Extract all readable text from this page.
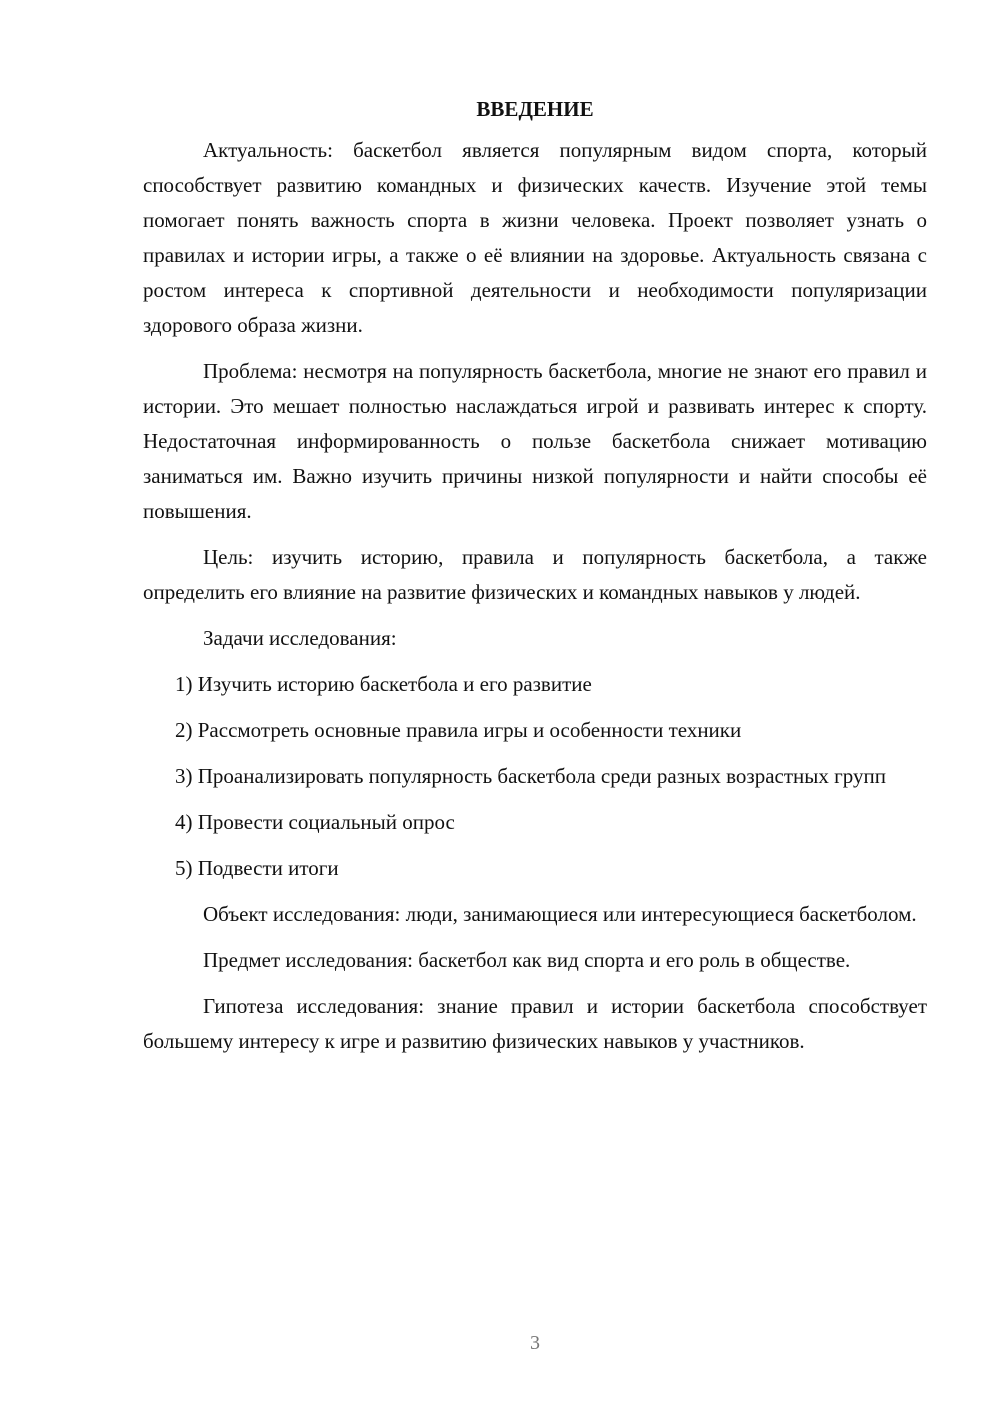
ВВЕДЕНИЕ

Актуальность: баскетбол является популярным видом спорта, который способствует развитию командных и физических качеств. Изучение этой темы помогает понять важность спорта в жизни человека. Проект позволяет узнать о правилах и истории игры, а также о её влиянии на здоровье. Актуальность связана с ростом интереса к спортивной деятельности и необходимости популяризации здорового образа жизни.

Проблема: несмотря на популярность баскетбола, многие не знают его правил и истории. Это мешает полностью наслаждаться игрой и развивать интерес к спорту. Недостаточная информированность о пользе баскетбола снижает мотивацию заниматься им. Важно изучить причины низкой популярности и найти способы её повышения.

Цель: изучить историю, правила и популярность баскетбола, а также определить его влияние на развитие физических и командных навыков у людей.

Задачи исследования:

1) Изучить историю баскетбола и его развитие

2) Рассмотреть основные правила игры и особенности техники

3) Проанализировать популярность баскетбола среди разных возрастных групп

4) Провести социальный опрос

5) Подвести итоги

Объект исследования: люди, занимающиеся или интересующиеся баскетболом.

Предмет исследования: баскетбол как вид спорта и его роль в обществе.

Гипотеза исследования: знание правил и истории баскетбола способствует большему интересу к игре и развитию физических навыков у участников.

3
